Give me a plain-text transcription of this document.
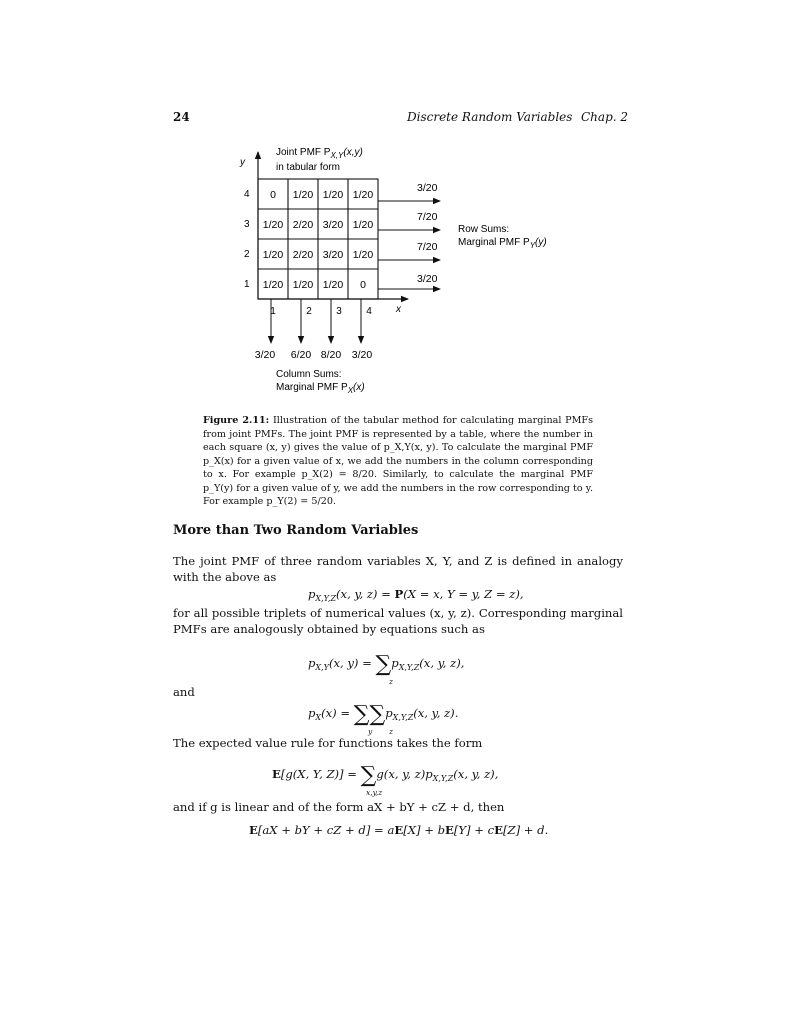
24	Discrete Random Variables Chap. 2
y
x
Joint PMF $P_{X,Y}(x,y)$
in tabular form
4
3
2
1
1	2 3 4
0 1/20 1/20 1/20
1/20 2/20 3/20 1/20
1/20 2/20 3/20 1/20
1/20 1/20 1/20 0
3/20
7/20
7/20
3/20
Row Sums:
Marginal PMF $P_Y(y)$
3/20 6/20 8/20 3/20
Column Sums:
Marginal PMF $P_X(x)$
Figure 2.11: Illustration of the tabular method for calculating marginal PMFs from joint PMFs. The joint PMF is represented by a table, where the number in each square (x, y) gives the value of p_X,Y(x, y). To calculate the marginal PMF p_X(x) for a given value of x, we add the numbers in the column corresponding to x. For example p_X(2) = 8/20. Similarly, to calculate the marginal PMF p_Y(y) for a given value of y, we add the numbers in the row corresponding to y. For example p_Y(2) = 5/20.
More than Two Random Variables
The joint PMF of three random variables X, Y, and Z is defined in analogy with the above as
$p_{X,Y,Z}(x$, y, z) = P(X = x, Y = y, Z = z),
for all possible triplets of numerical values (x, y, z). Corresponding marginal PMFs are analogously obtained by equations such as
$p_{X,Y}(x$, $y) = \sum p_{X,Y,Z}(x$, y, z),
z
and
$p_X(x) = \sum\sum p_{X,Y,Z}(x$, y, z).
y z
The expected value rule for functions takes the form
E[g(X, Y, Z)] = ∑g(x, y, $z)p_{X,Y,Z}(x$, y, z),
x,y,z
and if g is linear and of the form aX + bY + cZ + d, then
E[aX + bY + cZ + d] = aE[X] + bE[Y] + cE[Z] + d.
